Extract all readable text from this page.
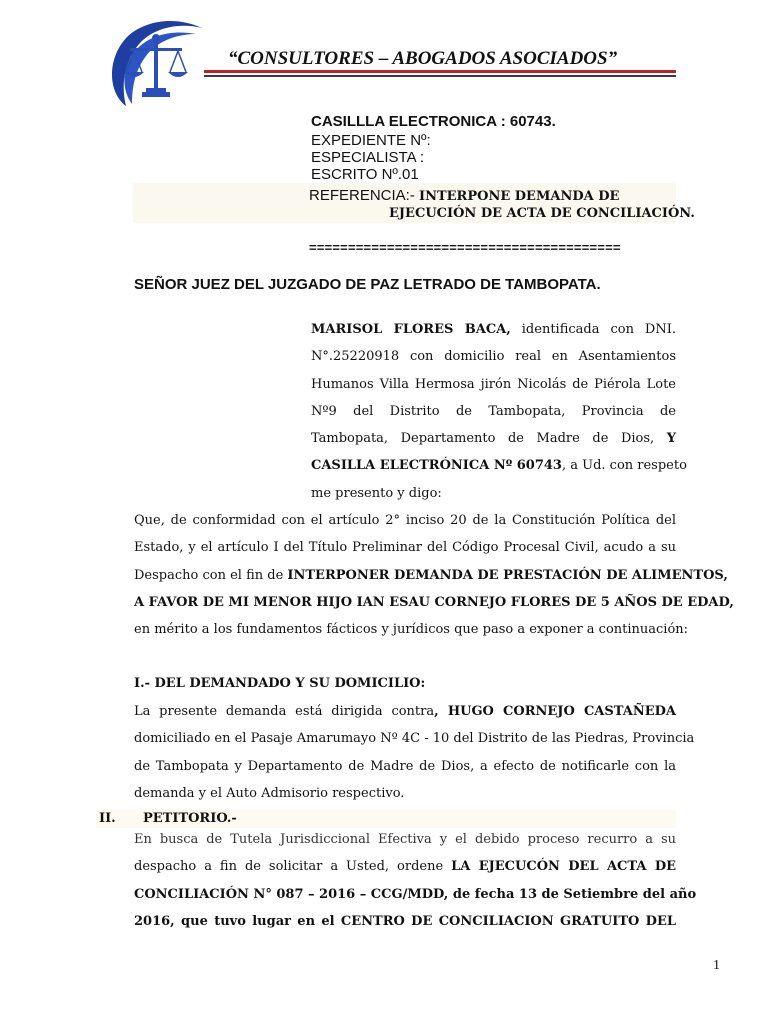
“CONSULTORES – ABOGADOS ASOCIADOS”
CASILLLA ELECTRONICA : 60743.
EXPEDIENTE Nº:
ESPECIALISTA :
ESCRITO Nº.01
REFERENCIA:- INTERPONE DEMANDA DE
EJECUCIÓN DE ACTA DE CONCILIACIÓN.
========================================
SEÑOR JUEZ DEL JUZGADO DE PAZ LETRADO DE TAMBOPATA.
MARISOL FLORES BACA, identificada con DNI.
N°.25220918 con domicilio real en Asentamientos
Humanos Villa Hermosa jirón Nicolás de Piérola Lote
Nº9 del Distrito de Tambopata, Provincia de
Tambopata, Departamento de Madre de Dios, Y
CASILLA ELECTRÓNICA Nº 60743, a Ud. con respeto
me presento y digo:
Que, de conformidad con el artículo 2° inciso 20 de la Constitución Política del
Estado, y el artículo I del Título Preliminar del Código Procesal Civil, acudo a su
Despacho con el fin de INTERPONER DEMANDA DE PRESTACIÓN DE ALIMENTOS,
A FAVOR DE MI MENOR HIJO IAN ESAU CORNEJO FLORES DE 5 AÑOS DE EDAD,
en mérito a los fundamentos fácticos y jurídicos que paso a exponer a continuación:
I.- DEL DEMANDADO Y SU DOMICILIO:
La presente demanda está dirigida contra, HUGO CORNEJO CASTAÑEDA
domiciliado en el Pasaje Amarumayo Nº 4C - 10 del Distrito de las Piedras, Provincia
de Tambopata y Departamento de Madre de Dios, a efecto de notificarle con la
demanda y el Auto Admisorio respectivo.
II. PETITORIO.-
En busca de Tutela Jurisdiccional Efectiva y el debido proceso recurro a su
despacho a fin de solicitar a Usted, ordene LA EJECUCÓN DEL ACTA DE
CONCILIACIÓN N° 087 – 2016 – CCG/MDD, de fecha 13 de Setiembre del año
2016, que tuvo lugar en el CENTRO DE CONCILIACION GRATUITO DEL
1
